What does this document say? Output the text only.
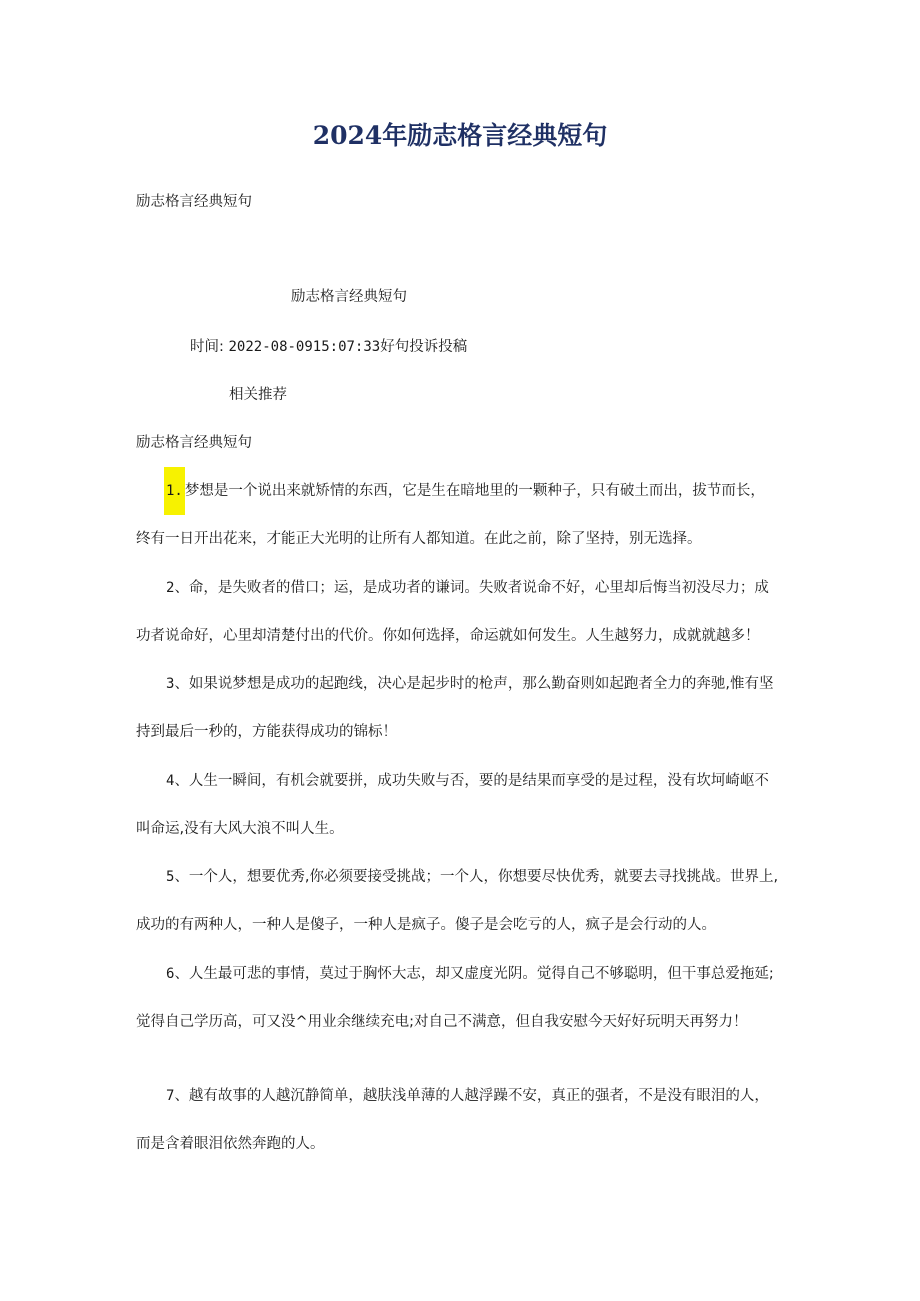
2024年励志格言经典短句
励志格言经典短句
励志格言经典短句
时间: 2022-08-0915:07:33好句投诉投稿
相关推荐
励志格言经典短句
1. 梦想是一个说出来就矫情的东西，它是生在暗地里的一颗种子，只有破土而出，拔节而长，
终有一日开出花来，才能正大光明的让所有人都知道。在此之前，除了坚持，别无选择。
2、命，是失败者的借口；运，是成功者的谦词。失败者说命不好，心里却后悔当初没尽力；成
功者说命好，心里却清楚付出的代价。你如何选择，命运就如何发生。人生越努力，成就就越多！
3、如果说梦想是成功的起跑线，决心是起步时的枪声，那么勤奋则如起跑者全力的奔驰,惟有坚
持到最后一秒的，方能获得成功的锦标！
4、人生一瞬间，有机会就要拼，成功失败与否，要的是结果而享受的是过程，没有坎坷崎岖不
叫命运,没有大风大浪不叫人生。
5、一个人，想要优秀,你必须要接受挑战；一个人，你想要尽快优秀，就要去寻找挑战。世界上,
成功的有两种人，一种人是傻子，一种人是疯子。傻子是会吃亏的人，疯子是会行动的人。
6、人生最可悲的事情，莫过于胸怀大志，却又虚度光阴。觉得自己不够聪明，但干事总爱拖延;
觉得自己学历高，可又没^用业余继续充电;对自己不满意，但自我安慰今天好好玩明天再努力！
7、越有故事的人越沉静简单，越肤浅单薄的人越浮躁不安，真正的强者，不是没有眼泪的人，
而是含着眼泪依然奔跑的人。
